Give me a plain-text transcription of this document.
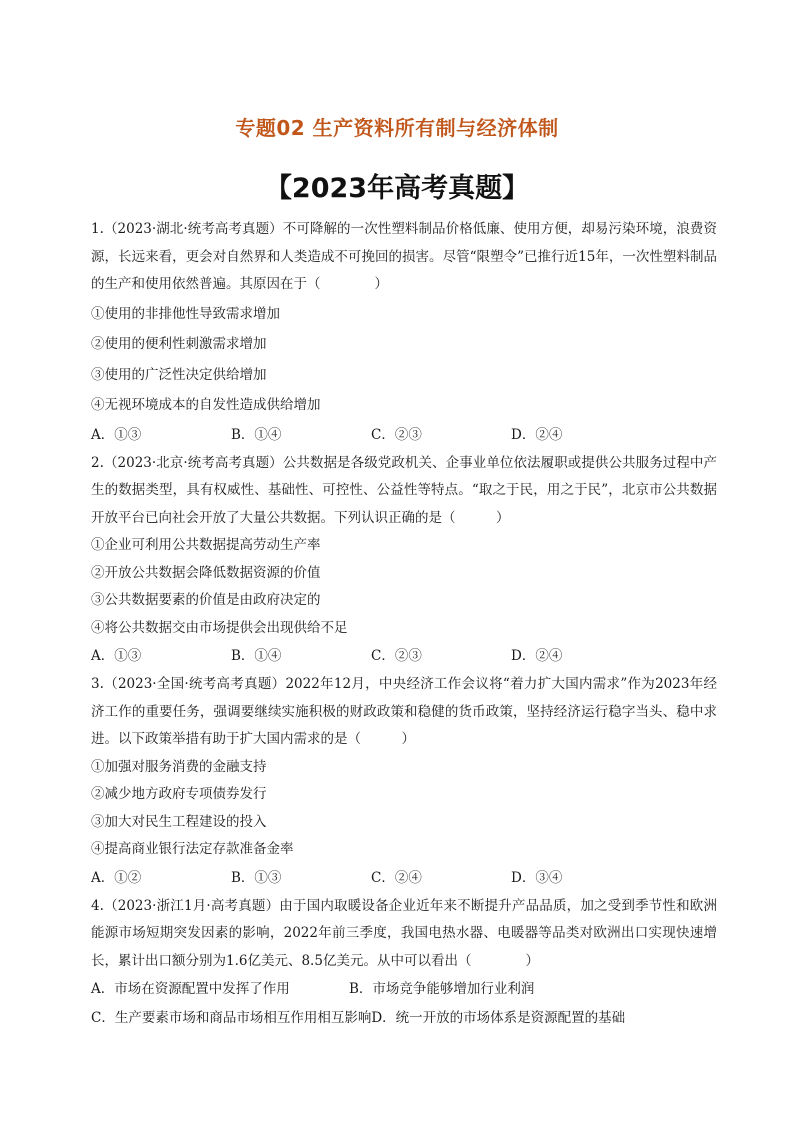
专题02 生产资料所有制与经济体制
【2023年高考真题】

1.（2023·湖北·统考高考真题）不可降解的一次性塑料制品价格低廉、使用方便，却易污染环境，浪费资源，长远来看，更会对自然界和人类造成不可挽回的损害。尽管“限塑令”已推行近15年，一次性塑料制品的生产和使用依然普遍。其原因在于（　　　　）

①使用的非排他性导致需求增加

②使用的便利性刺激需求增加

③使用的广泛性决定供给增加

④无视环境成本的自发性造成供给增加

A．①③	B．①④	C．②③	D．②④

2.（2023·北京·统考高考真题）公共数据是各级党政机关、企事业单位依法履职或提供公共服务过程中产生的数据类型，具有权威性、基础性、可控性、公益性等特点。“取之于民，用之于民”，北京市公共数据开放平台已向社会开放了大量公共数据。下列认识正确的是（　　　）

①企业可利用公共数据提高劳动生产率

②开放公共数据会降低数据资源的价值

③公共数据要素的价值是由政府决定的

④将公共数据交由市场提供会出现供给不足

A．①③	B．①④	C．②③	D．②④

3.（2023·全国·统考高考真题）2022年12月，中央经济工作会议将“着力扩大国内需求”作为2023年经济工作的重要任务，强调要继续实施积极的财政政策和稳健的货币政策，坚持经济运行稳字当头、稳中求进。以下政策举措有助于扩大国内需求的是（　　　）

①加强对服务消费的金融支持

②减少地方政府专项债券发行

③加大对民生工程建设的投入

④提高商业银行法定存款准备金率

A．①②	B．①③	C．②④	D．③④

4.（2023·浙江1月·高考真题）由于国内取暖设备企业近年来不断提升产品品质，加之受到季节性和欧洲能源市场短期突发因素的影响，2022年前三季度，我国电热水器、电暖器等品类对欧洲出口实现快速增长，累计出口额分别为1.6亿美元、8.5亿美元。从中可以看出（　　　　）

A．市场在资源配置中发挥了作用	B．市场竞争能够增加行业利润
C．生产要素市场和商品市场相互作用相互影响 D．统一开放的市场体系是资源配置的基础
